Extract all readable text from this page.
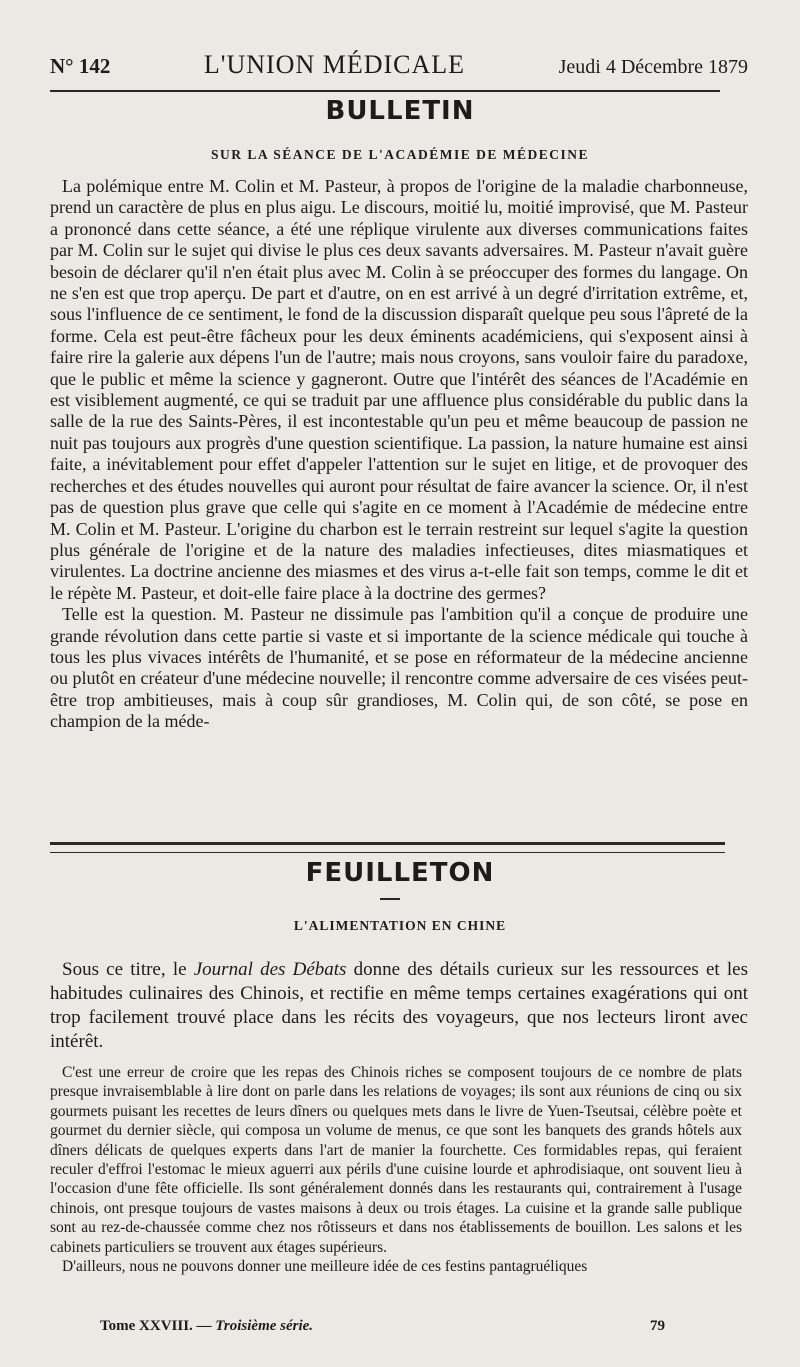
N° 142	L'UNION MÉDICALE	Jeudi 4 Décembre 1879
BULLETIN
SUR LA SÉANCE DE L'ACADÉMIE DE MÉDECINE

La polémique entre M. Colin et M. Pasteur, à propos de l'origine de la maladie charbonneuse, prend un caractère de plus en plus aigu. Le discours, moitié lu, moitié improvisé, que M. Pasteur a prononcé dans cette séance, a été une réplique virulente aux diverses communications faites par M. Colin sur le sujet qui divise le plus ces deux savants adversaires. M. Pasteur n'avait guère besoin de déclarer qu'il n'en était plus avec M. Colin à se préoccuper des formes du langage. On ne s'en est que trop aperçu. De part et d'autre, on en est arrivé à un degré d'irritation extrême, et, sous l'influence de ce sentiment, le fond de la discussion disparaît quelque peu sous l'âpreté de la forme. Cela est peut-être fâcheux pour les deux éminents académiciens, qui s'exposent ainsi à faire rire la galerie aux dépens l'un de l'autre; mais nous croyons, sans vouloir faire du paradoxe, que le public et même la science y gagneront. Outre que l'intérêt des séances de l'Académie en est visiblement augmenté, ce qui se traduit par une affluence plus considérable du public dans la salle de la rue des Saints-Pères, il est incontestable qu'un peu et même beaucoup de passion ne nuit pas toujours aux progrès d'une question scientifique. La passion, la nature humaine est ainsi faite, a inévitablement pour effet d'appeler l'attention sur le sujet en litige, et de provoquer des recherches et des études nouvelles qui auront pour résultat de faire avancer la science. Or, il n'est pas de question plus grave que celle qui s'agite en ce moment à l'Académie de médecine entre M. Colin et M. Pasteur. L'origine du charbon est le terrain restreint sur lequel s'agite la question plus générale de l'origine et de la nature des maladies infectieuses, dites miasmatiques et virulentes. La doctrine ancienne des miasmes et des virus a-t-elle fait son temps, comme le dit et le répète M. Pasteur, et doit-elle faire place à la doctrine des germes?

Telle est la question. M. Pasteur ne dissimule pas l'ambition qu'il a conçue de produire une grande révolution dans cette partie si vaste et si importante de la science médicale qui touche à tous les plus vivaces intérêts de l'humanité, et se pose en réformateur de la médecine ancienne ou plutôt en créateur d'une médecine nouvelle; il rencontre comme adversaire de ces visées peut-être trop ambitieuses, mais à coup sûr grandioses, M. Colin qui, de son côté, se pose en champion de la méde-

FEUILLETON
L'ALIMENTATION EN CHINE

Sous ce titre, le Journal des Débats donne des détails curieux sur les ressources et les habitudes culinaires des Chinois, et rectifie en même temps certaines exagérations qui ont trop facilement trouvé place dans les récits des voyageurs, que nos lecteurs liront avec intérêt.

C'est une erreur de croire que les repas des Chinois riches se composent toujours de ce nombre de plats presque invraisemblable à lire dont on parle dans les relations de voyages; ils sont aux réunions de cinq ou six gourmets puisant les recettes de leurs dîners ou quelques mets dans le livre de Yuen-Tseutsai, célèbre poète et gourmet du dernier siècle, qui composa un volume de menus, ce que sont les banquets des grands hôtels aux dîners délicats de quelques experts dans l'art de manier la fourchette. Ces formidables repas, qui feraient reculer d'effroi l'estomac le mieux aguerri aux périls d'une cuisine lourde et aphrodisiaque, ont souvent lieu à l'occasion d'une fête officielle. Ils sont généralement donnés dans les restaurants qui, contrairement à l'usage chinois, ont presque toujours de vastes maisons à deux ou trois étages. La cuisine et la grande salle publique sont au rez-de-chaussée comme chez nos rôtisseurs et dans nos établissements de bouillon. Les salons et les cabinets particuliers se trouvent aux étages supérieurs.

D'ailleurs, nous ne pouvons donner une meilleure idée de ces festins pantagruéliques

Tome XXVIII. — Troisième série.	79
